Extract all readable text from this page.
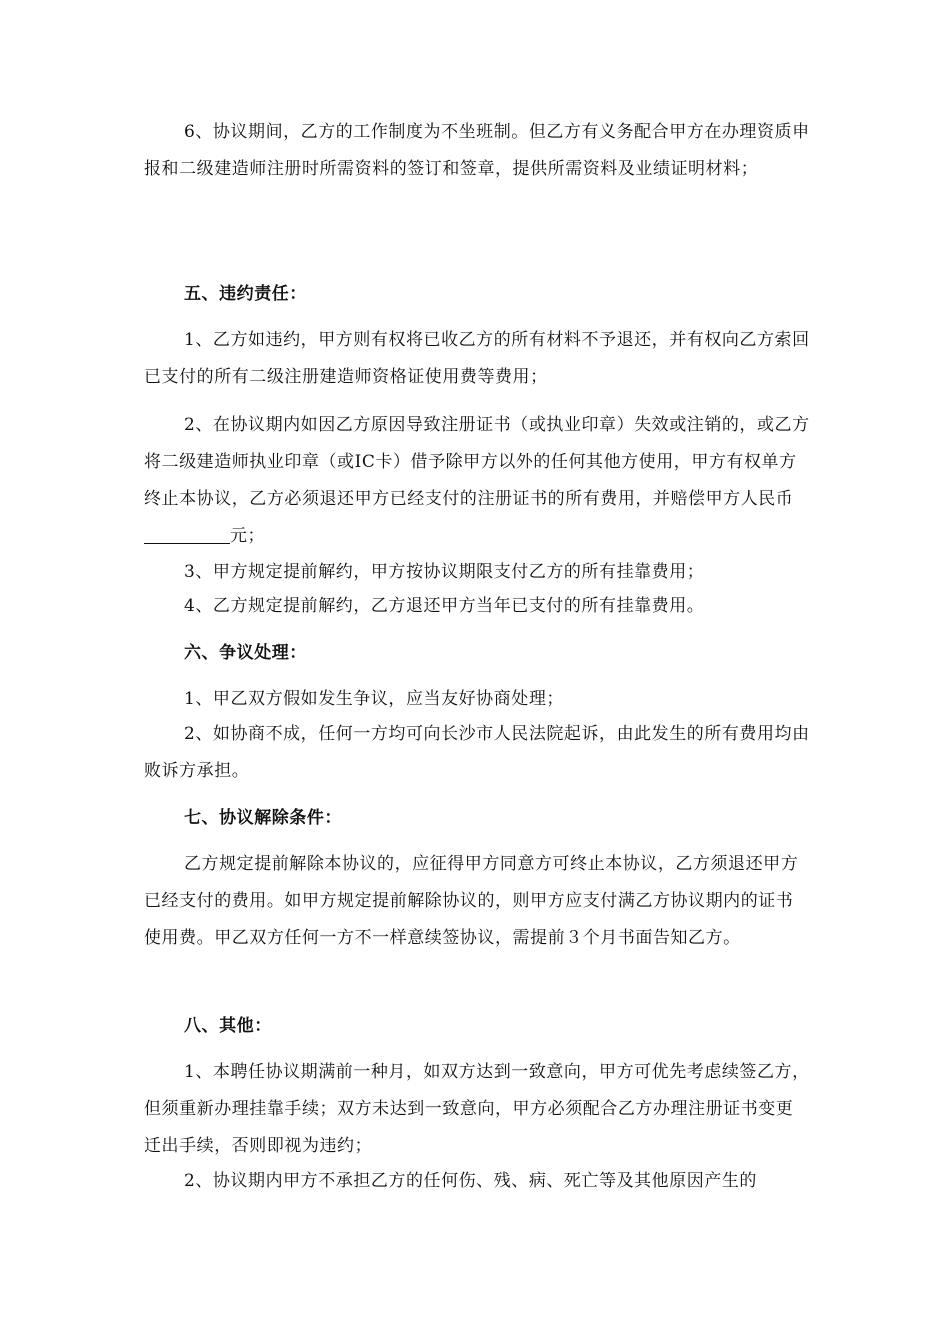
6、协议期间，乙方的工作制度为不坐班制。但乙方有义务配合甲方在办理资质申报和二级建造师注册时所需资料的签订和签章，提供所需资料及业绩证明材料；

五、违约责任：

1、乙方如违约，甲方则有权将已收乙方的所有材料不予退还，并有权向乙方索回已支付的所有二级注册建造师资格证使用费等费用；

2、在协议期内如因乙方原因导致注册证书（或执业印章）失效或注销的，或乙方将二级建造师执业印章（或IC卡）借予除甲方以外的任何其他方使用，甲方有权单方终止本协议，乙方必须退还甲方已经支付的注册证书的所有费用，并赔偿甲方人民币元；

3、甲方规定提前解约，甲方按协议期限支付乙方的所有挂靠费用；

4、乙方规定提前解约，乙方退还甲方当年已支付的所有挂靠费用。

六、争议处理：

1、甲乙双方假如发生争议，应当友好协商处理；

2、如协商不成，任何一方均可向长沙市人民法院起诉，由此发生的所有费用均由败诉方承担。

七、协议解除条件：

乙方规定提前解除本协议的，应征得甲方同意方可终止本协议，乙方须退还甲方已经支付的费用。如甲方规定提前解除协议的，则甲方应支付满乙方协议期内的证书使用费。甲乙双方任何一方不一样意续签协议，需提前３个月书面告知乙方。

八、其他：

1、本聘任协议期满前一种月，如双方达到一致意向，甲方可优先考虑续签乙方，但须重新办理挂靠手续；双方未达到一致意向，甲方必须配合乙方办理注册证书变更迁出手续，否则即视为违约；

2、协议期内甲方不承担乙方的任何伤、残、病、死亡等及其他原因产生的
